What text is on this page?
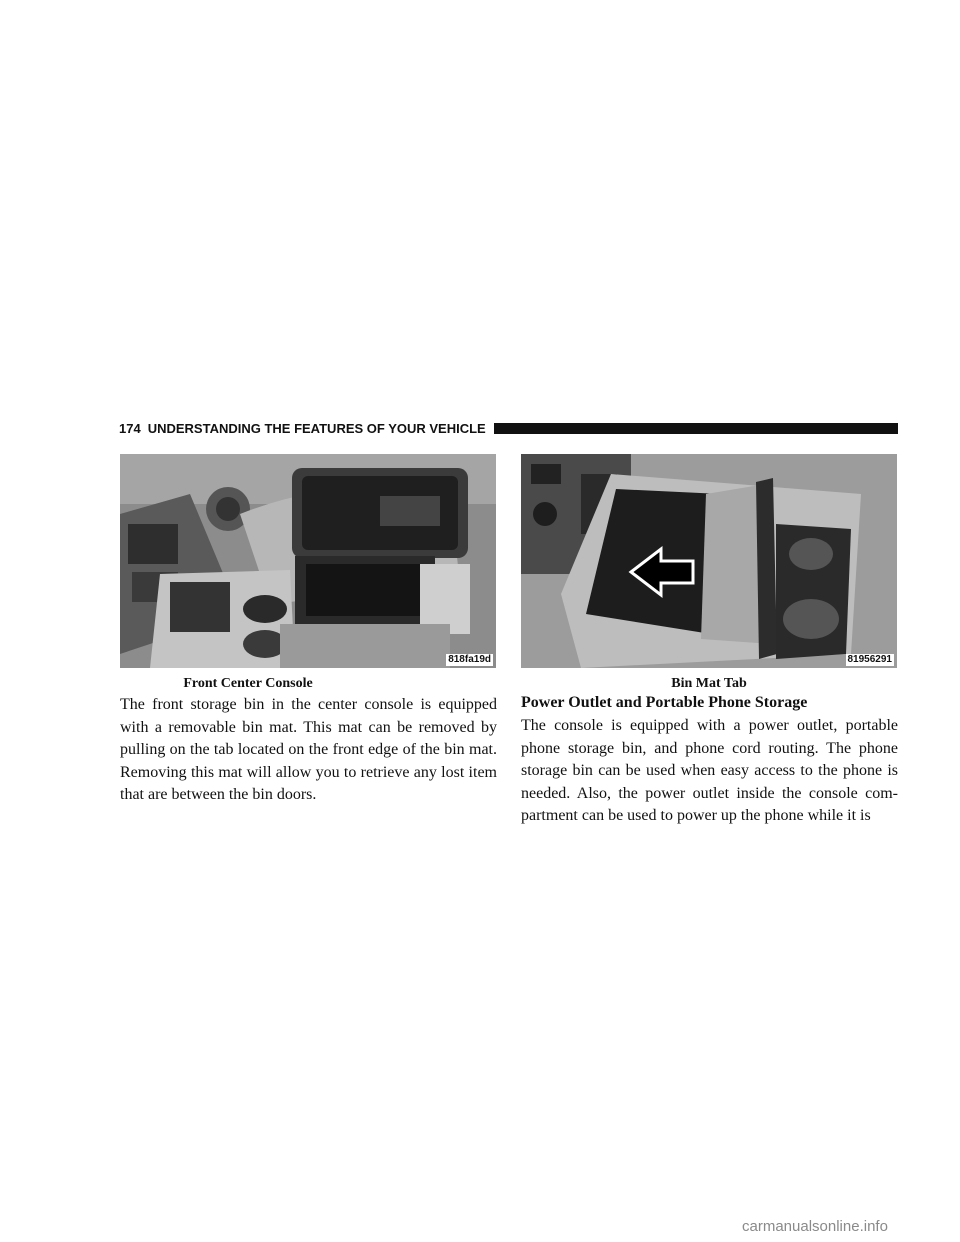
174 UNDERSTANDING THE FEATURES OF YOUR VEHICLE
818fa19d	81956291
Front Center Console	Bin Mat Tab

The front storage bin in the center console is equipped with a removable bin mat. This mat can be removed by pulling on the tab located on the front edge of the bin mat. Removing this mat will allow you to retrieve any lost item that are between the bin doors.

Power Outlet and Portable Phone Storage

The console is equipped with a power outlet, portable phone storage bin, and phone cord routing. The phone storage bin can be used when easy access to the phone is needed. Also, the power outlet inside the console com- partment can be used to power up the phone while it is

carmanualsonline.info
